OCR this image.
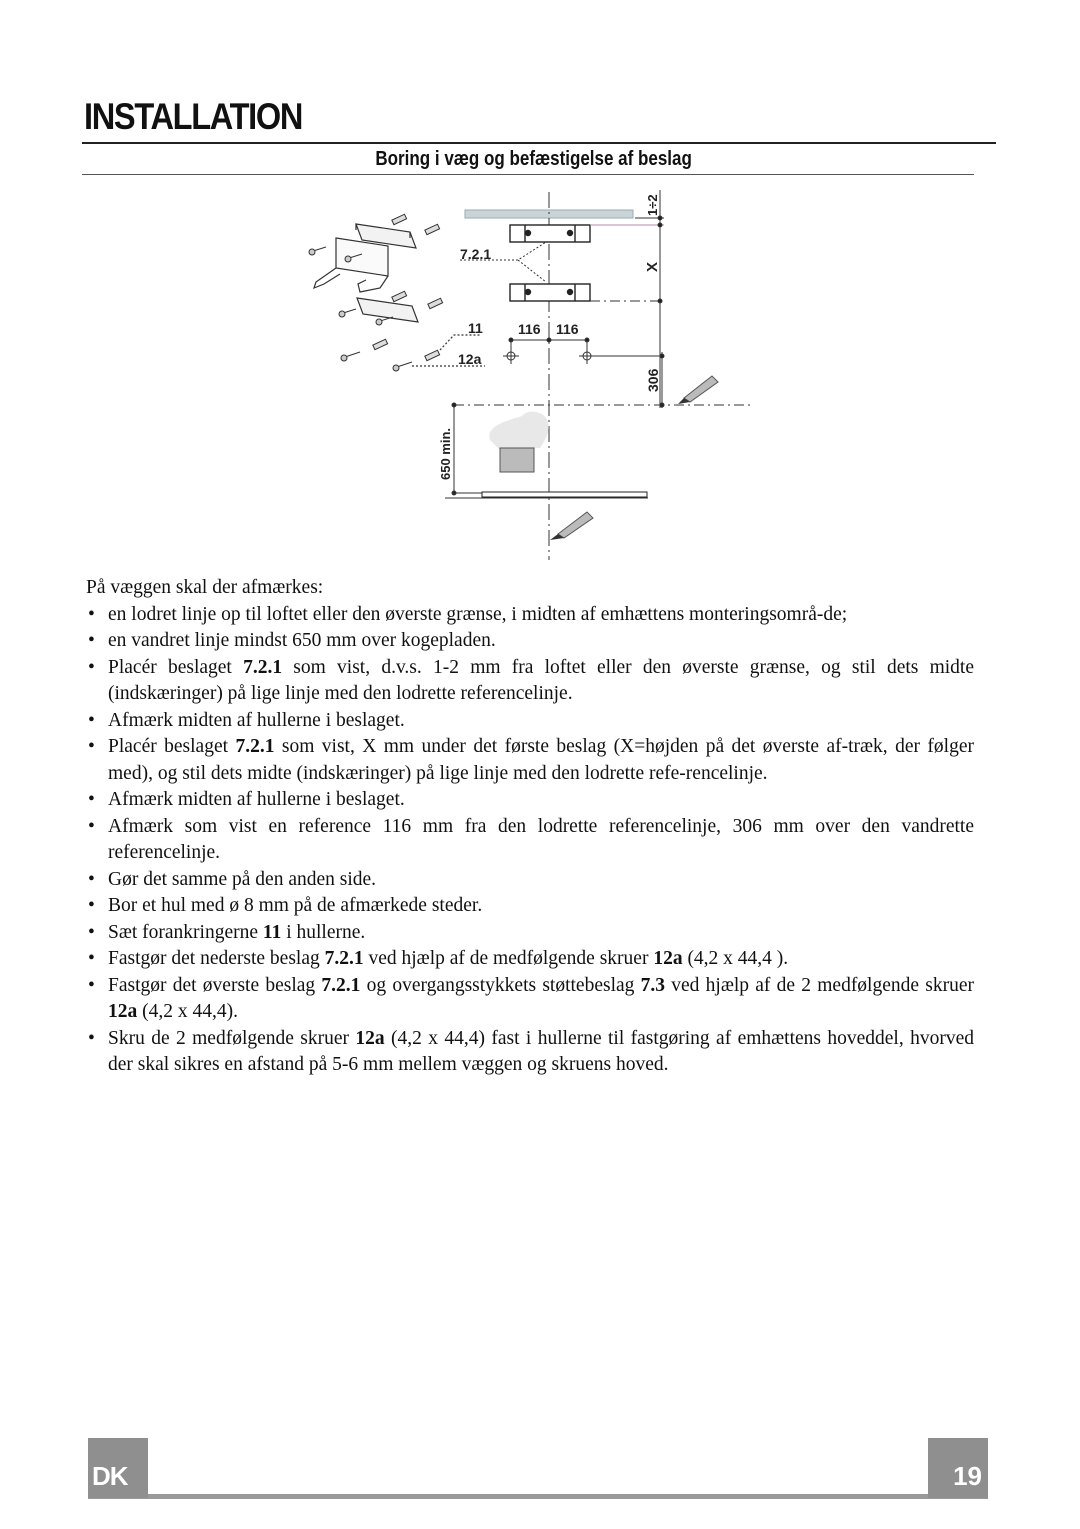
INSTALLATION
Boring i væg og befæstigelse af beslag
7.2.1
11
12a
116 116
1÷2
X
306
650 min.

På væggen skal der afmærkes:

• en lodret linje op til loftet eller den øverste grænse, i midten af emhættens monteringsområ-de;
• en vandret linje mindst 650 mm over kogepladen.
• Placér beslaget 7.2.1 som vist, d.v.s. 1-2 mm fra loftet eller den øverste grænse, og stil dets midte (indskæringer) på lige linje med den lodrette referencelinje.
• Afmærk midten af hullerne i beslaget.
• Placér beslaget 7.2.1 som vist, X mm under det første beslag (X=højden på det øverste af-træk, der følger med), og stil dets midte (indskæringer) på lige linje med den lodrette refe-rencelinje.
• Afmærk midten af hullerne i beslaget.
• Afmærk som vist en reference 116 mm fra den lodrette referencelinje, 306 mm over den vandrette referencelinje.
• Gør det samme på den anden side.
• Bor et hul med ø 8 mm på de afmærkede steder.
• Sæt forankringerne 11 i hullerne.
• Fastgør det nederste beslag 7.2.1 ved hjælp af de medfølgende skruer 12a (4,2 x 44,4 ).
• Fastgør det øverste beslag 7.2.1 og overgangsstykkets støttebeslag 7.3 ved hjælp af de 2 medfølgende skruer 12a (4,2 x 44,4).
• Skru de 2 medfølgende skruer 12a (4,2 x 44,4) fast i hullerne til fastgøring af emhættens hoveddel, hvorved der skal sikres en afstand på 5-6 mm mellem væggen og skruens hoved.
DK	19
